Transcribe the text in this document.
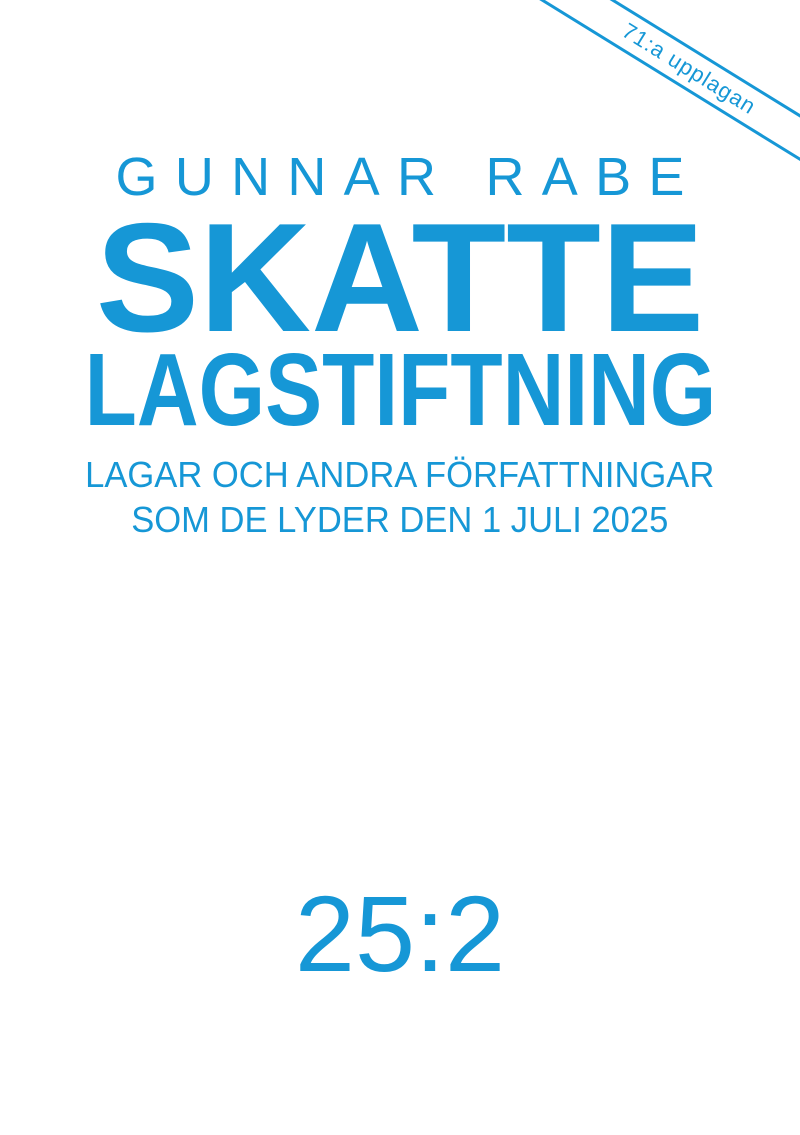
71:a upplagan
GUNNAR RABE
SKATTE
LAGSTIFTNING
LAGAR OCH ANDRA FÖRFATTNINGAR
SOM DE LYDER DEN 1 JULI 2025
25:2
